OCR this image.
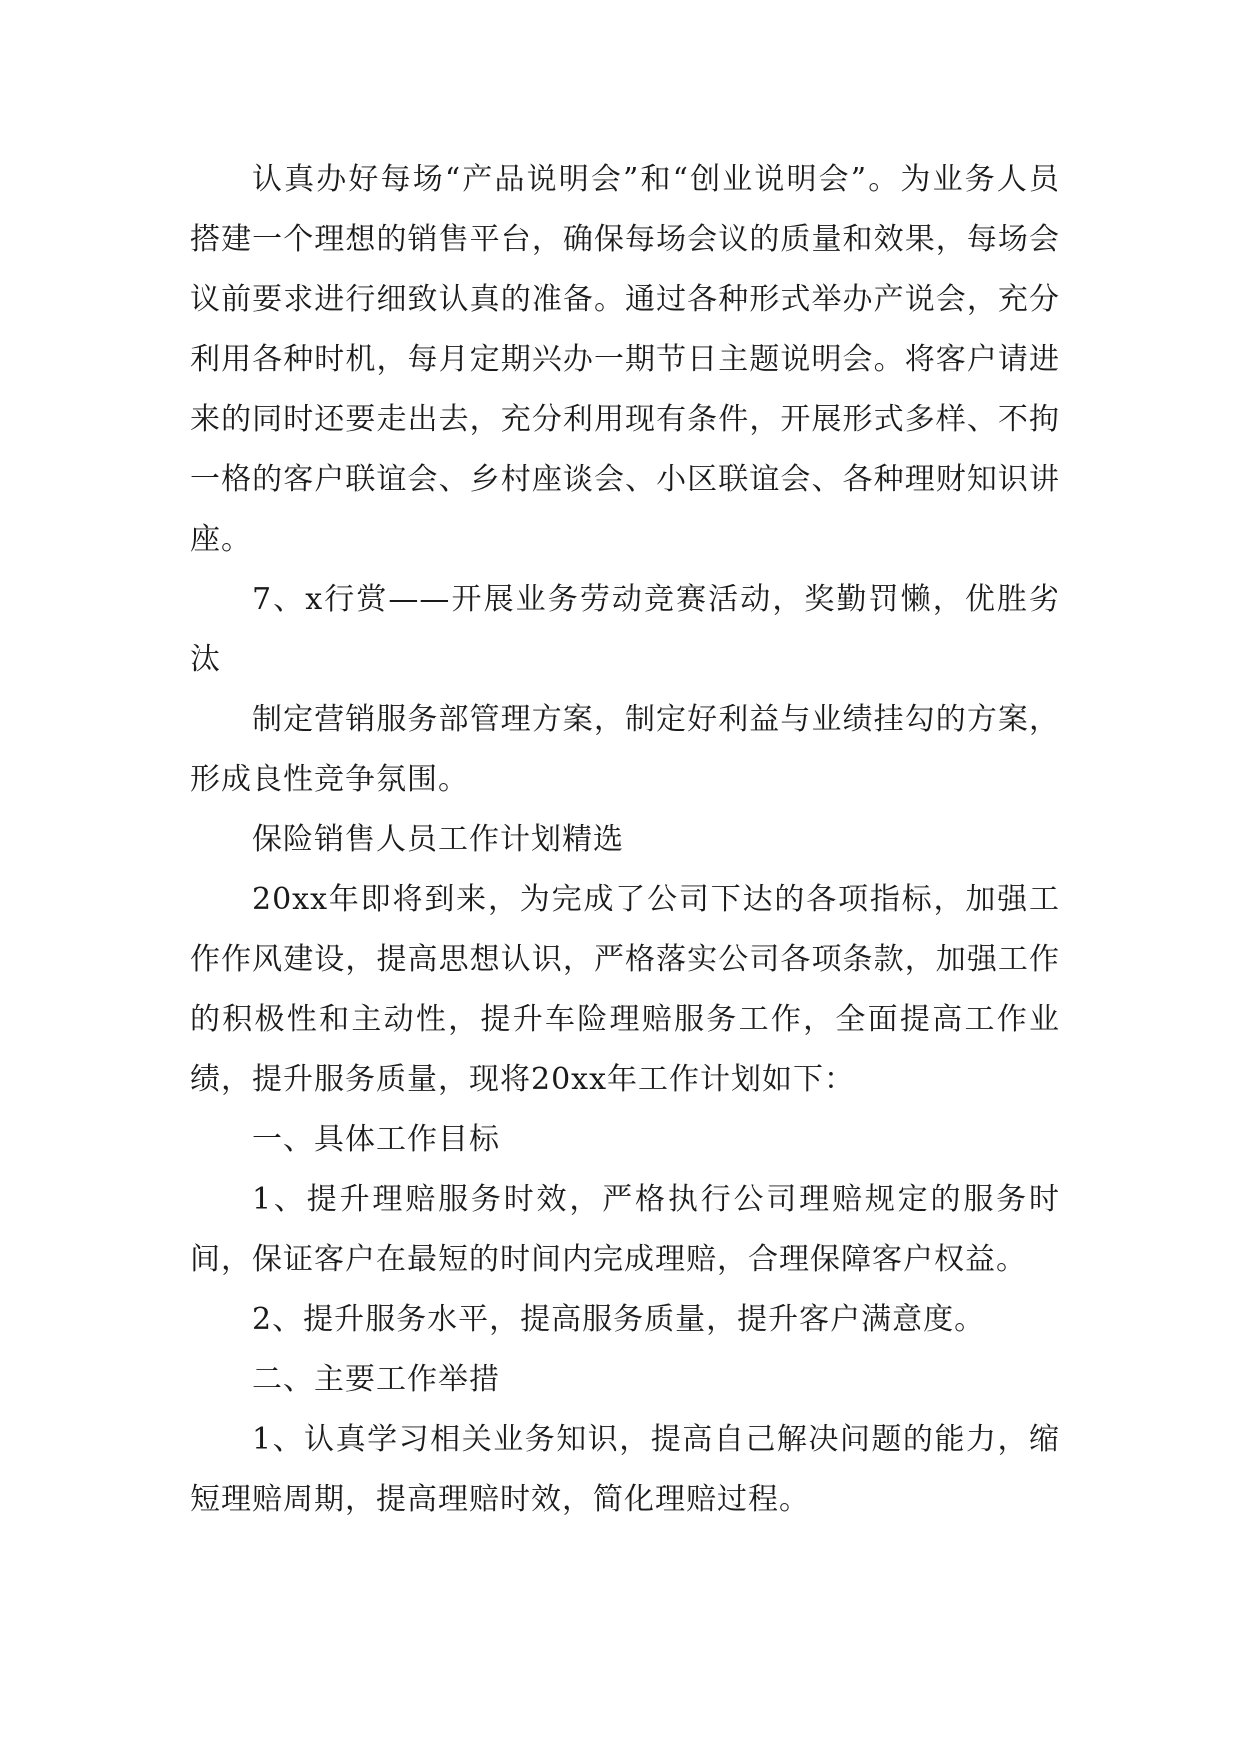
认真办好每场“产品说明会”和“创业说明会”。为业务人员搭建一个理想的销售平台，确保每场会议的质量和效果，每场会议前要求进行细致认真的准备。通过各种形式举办产说会，充分利用各种时机，每月定期兴办一期节日主题说明会。将客户请进来的同时还要走出去，充分利用现有条件，开展形式多样、不拘一格的客户联谊会、乡村座谈会、小区联谊会、各种理财知识讲座。

7、x行赏——开展业务劳动竞赛活动，奖勤罚懒，优胜劣汰

制定营销服务部管理方案，制定好利益与业绩挂勾的方案，形成良性竞争氛围。

保险销售人员工作计划精选

20xx年即将到来，为完成了公司下达的各项指标，加强工作作风建设，提高思想认识，严格落实公司各项条款，加强工作的积极性和主动性，提升车险理赔服务工作，全面提高工作业绩，提升服务质量，现将20xx年工作计划如下：

一、具体工作目标

1、提升理赔服务时效，严格执行公司理赔规定的服务时间，保证客户在最短的时间内完成理赔，合理保障客户权益。

2、提升服务水平，提高服务质量，提升客户满意度。

二、主要工作举措

1、认真学习相关业务知识，提高自己解决问题的能力，缩短理赔周期，提高理赔时效，简化理赔过程。
